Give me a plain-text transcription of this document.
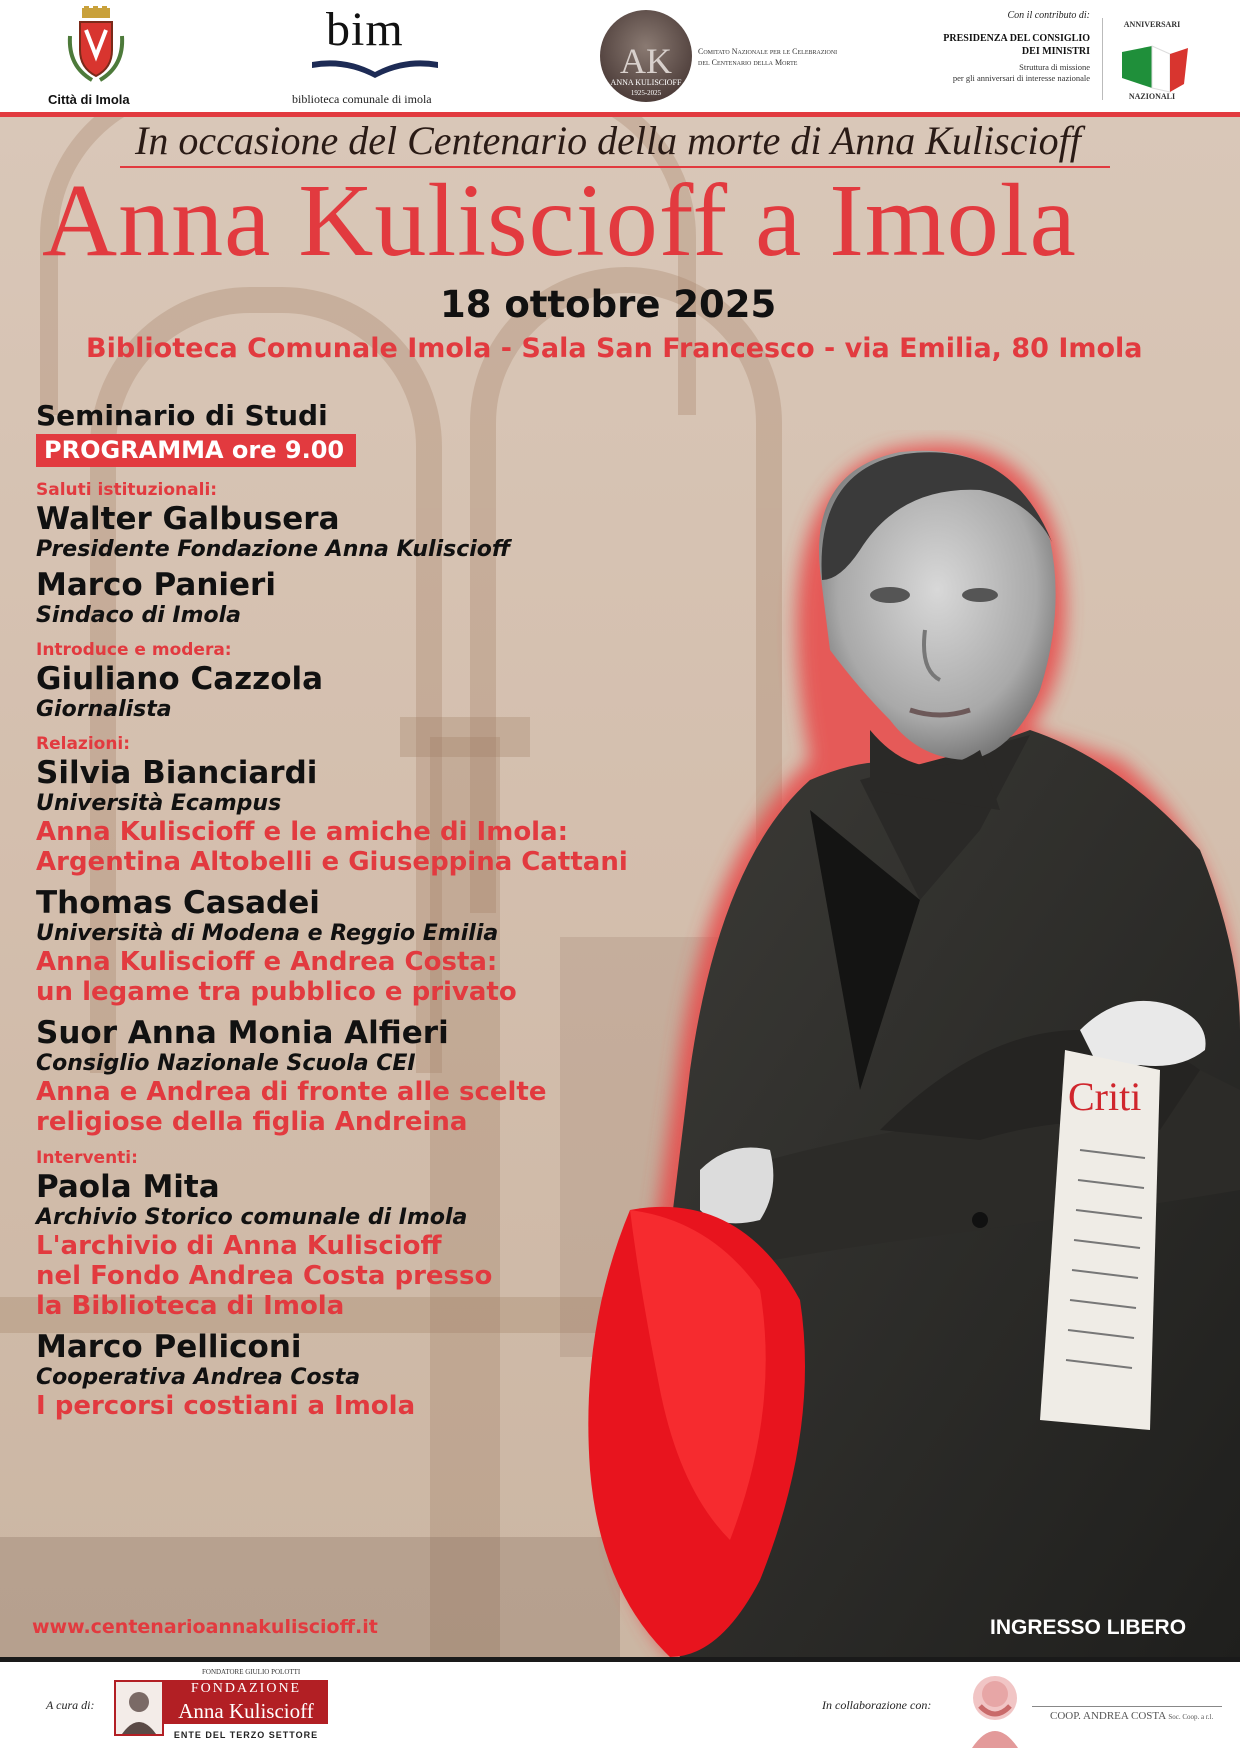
Città di Imola
bim
biblioteca comunale di imola
AK
ANNA KULISCIOFF
1925-2025
Comitato Nazionale per le Celebrazioni del Centenario della Morte
Con il contributo di:
PRESIDENZA DEL CONSIGLIO
DEI MINISTRI
Struttura di missione
per gli anniversari di interesse nazionale
ANNIVERSARI
NAZIONALI
In occasione del Centenario della morte di Anna Kuliscioff
Anna Kuliscioff a Imola
18 ottobre 2025
Biblioteca Comunale Imola - Sala San Francesco - via Emilia, 80 Imola
Criti
Seminario di Studi
PROGRAMMA ore 9.00
Saluti istituzionali:
Walter Galbusera
Presidente Fondazione Anna Kuliscioff
Marco Panieri
Sindaco di Imola
Introduce e modera:
Giuliano Cazzola
Giornalista
Relazioni:
Silvia Bianciardi
Università Ecampus
Anna Kuliscioff e le amiche di Imola:
Argentina Altobelli e Giuseppina Cattani
Thomas Casadei
Università di Modena e Reggio Emilia
Anna Kuliscioff e Andrea Costa:
un legame tra pubblico e privato
Suor Anna Monia Alfieri
Consiglio Nazionale Scuola CEI
Anna e Andrea di fronte alle scelte
religiose della figlia Andreina
Interventi:
Paola Mita
Archivio Storico comunale di Imola
L'archivio di Anna Kuliscioff
nel Fondo Andrea Costa presso
la Biblioteca di Imola
Marco Pelliconi
Cooperativa Andrea Costa
I percorsi costiani a Imola
www.centenarioannakuliscioff.it	INGRESSO LIBERO
A cura di:
FONDATORE GIULIO POLOTTI
FONDAZIONE
Anna Kuliscioff
ENTE DEL TERZO SETTORE
In collaborazione con:
COOP. ANDREA COSTA Soc. Coop. a r.l.
